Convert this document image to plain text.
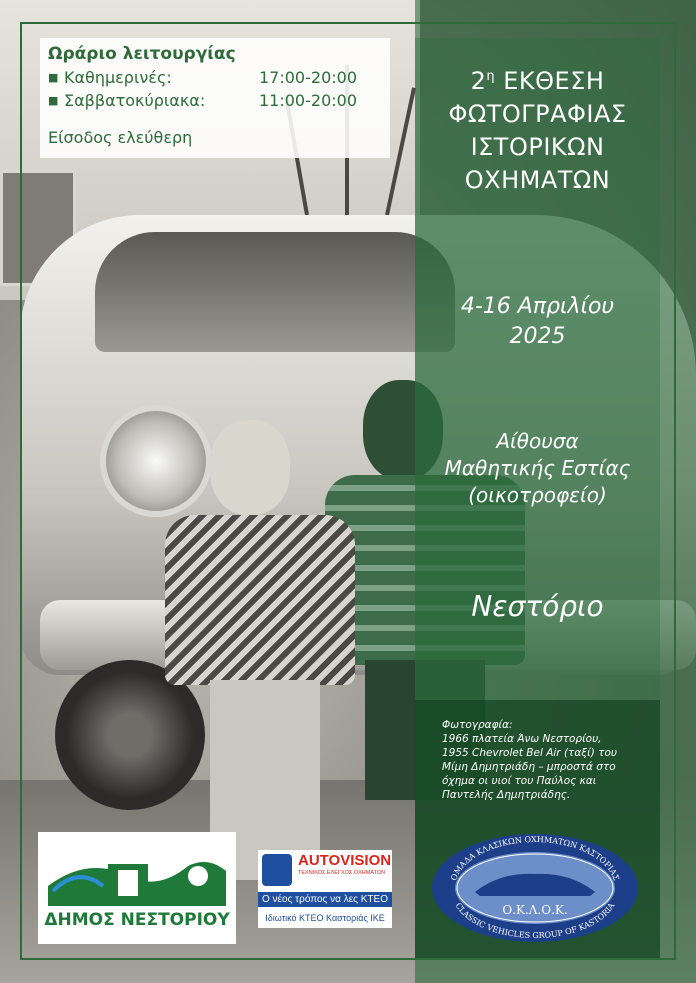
Ωράριο λειτουργίας
■ Καθημερινές:	17:00-20:00
■ Σαββατοκύριακα:	11:00-20:00
Είσοδος ελεύθερη
$2^\eta$ ΕΚΘΕΣΗ
ΦΩΤΟΓΡΑΦΙΑΣ
ΙΣΤΟΡΙΚΩΝ
ΟΧΗΜΑΤΩΝ
4-16 Απριλίου
2025
Αίθουσα
Μαθητικής Εστίας
(οικοτροφείο)
Νεστόριο
Φωτογραφία:
1966 πλατεία Άνω Νεστορίου,
1955 Chevrolet Bel Air (ταξί) του
Μίμη Δημητριάδη – μπροστά στο
όχημα οι υιοί του Παύλος και
Παντελής Δημητριάδης.
ΔΗΜΟΣ ΝΕΣΤΟΡΙΟΥ
AUTOVISION
ΤΕΧΝΙΚΟΣ ΕΛΕΓΧΟΣ ΟΧΗΜΑΤΩΝ
Ο νέος τρόπος να λες ΚΤΕΟ
Ιδιωτικό ΚΤΕΟ Καστοριάς ΙΚΕ
ΟΜΑΔΑ ΚΛΑΣΙΚΩΝ ΟΧΗΜΑΤΩΝ ΚΑΣΤΟΡΙΑΣ
Ο.Κ.Λ.Ο.Κ.
CLASSIC VEHICLES GROUP OF KASTORIA
